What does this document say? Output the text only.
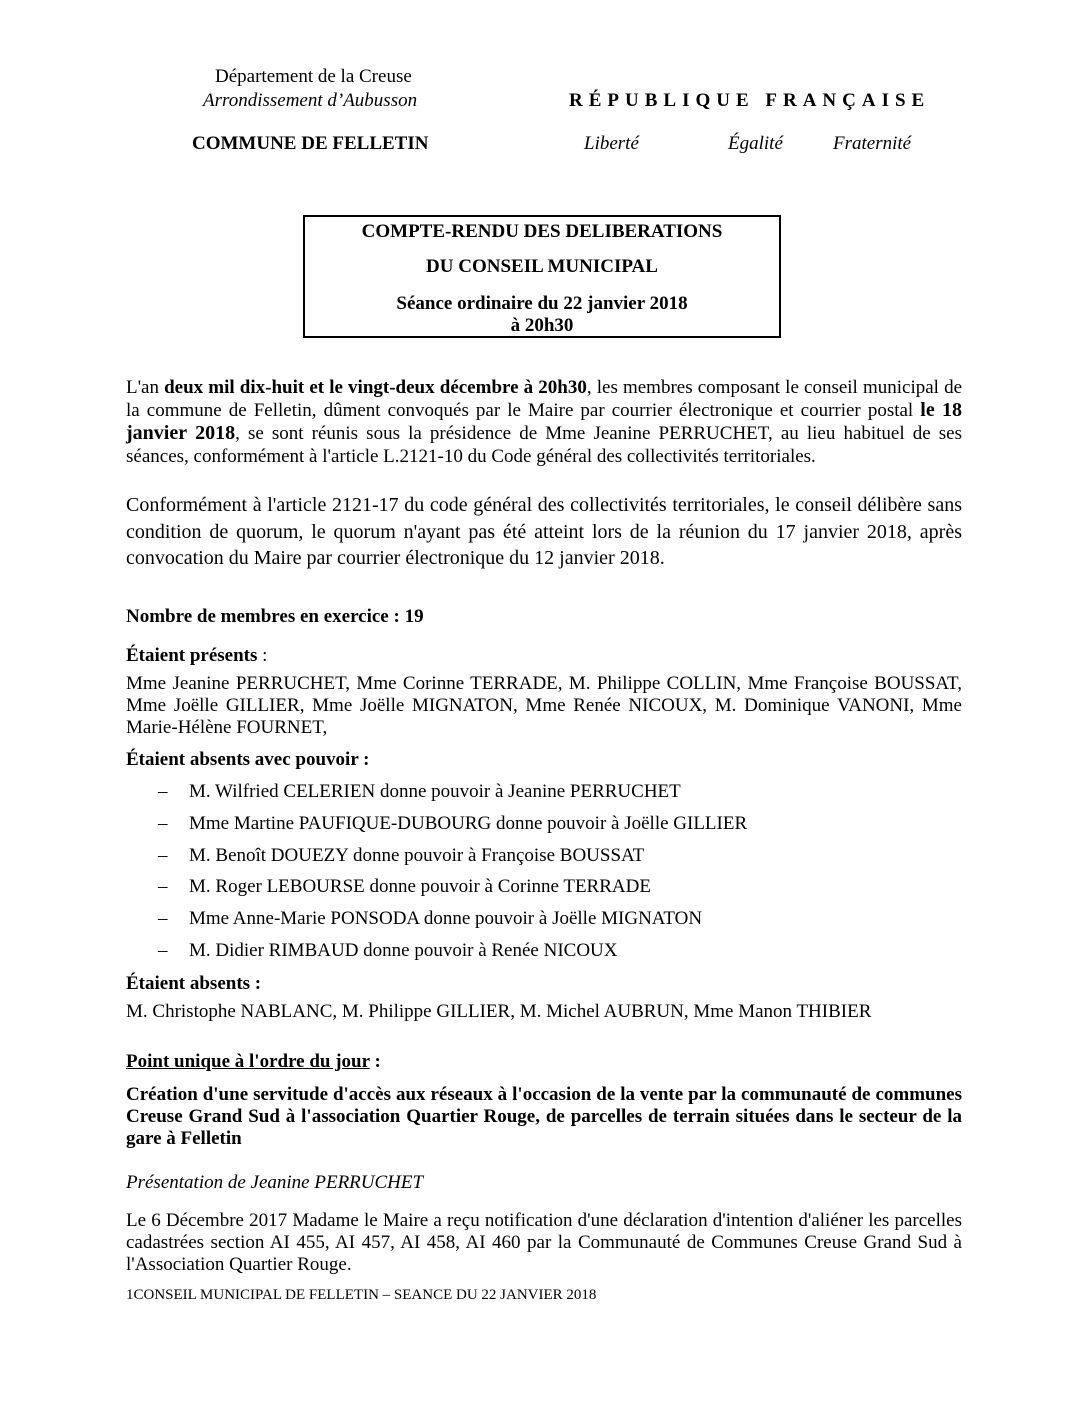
Département de la Creuse
Arrondissement d’Aubusson	RÉPUBLIQUE FRANÇAISE
COMMUNE DE FELLETIN	Liberté	Égalité	Fraternité
COMPTE-RENDU DES DELIBERATIONS
DU CONSEIL MUNICIPAL
Séance ordinaire du 22 janvier 2018
à 20h30
L'an deux mil dix-huit et le vingt-deux décembre à 20h30, les membres composant le conseil municipal de la commune de Felletin, dûment convoqués par le Maire par courrier électronique et courrier postal le 18 janvier 2018, se sont réunis sous la présidence de Mme Jeanine PERRUCHET, au lieu habituel de ses séances, conformément à l'article L.2121-10 du Code général des collectivités territoriales.
Conformément à l'article 2121-17 du code général des collectivités territoriales, le conseil délibère sans condition de quorum, le quorum n'ayant pas été atteint lors de la réunion du 17 janvier 2018, après convocation du Maire par courrier électronique du 12 janvier 2018.
Nombre de membres en exercice : 19
Étaient présents :
Mme Jeanine PERRUCHET, Mme Corinne TERRADE, M. Philippe COLLIN, Mme Françoise BOUSSAT, Mme Joëlle GILLIER, Mme Joëlle MIGNATON, Mme Renée NICOUX, M. Dominique VANONI, Mme Marie-Hélène FOURNET,
Étaient absents avec pouvoir :
– M. Wilfried CELERIEN donne pouvoir à Jeanine PERRUCHET
– Mme Martine PAUFIQUE-DUBOURG donne pouvoir à Joëlle GILLIER
– M. Benoît DOUEZY donne pouvoir à Françoise BOUSSAT
– M. Roger LEBOURSE donne pouvoir à Corinne TERRADE
– Mme Anne-Marie PONSODA donne pouvoir à Joëlle MIGNATON
– M. Didier RIMBAUD donne pouvoir à Renée NICOUX
Étaient absents :
M. Christophe NABLANC, M. Philippe GILLIER, M. Michel AUBRUN, Mme Manon THIBIER
Point unique à l'ordre du jour :
Création d'une servitude d'accès aux réseaux à l'occasion de la vente par la communauté de communes Creuse Grand Sud à l'association Quartier Rouge, de parcelles de terrain situées dans le secteur de la gare à Felletin
Présentation de Jeanine PERRUCHET
Le 6 Décembre 2017 Madame le Maire a reçu notification d'une déclaration d'intention d'aliéner les parcelles cadastrées section AI 455, AI 457, AI 458, AI 460 par la Communauté de Communes Creuse Grand Sud à l'Association Quartier Rouge.
1CONSEIL MUNICIPAL DE FELLETIN – SEANCE DU 22 JANVIER 2018
